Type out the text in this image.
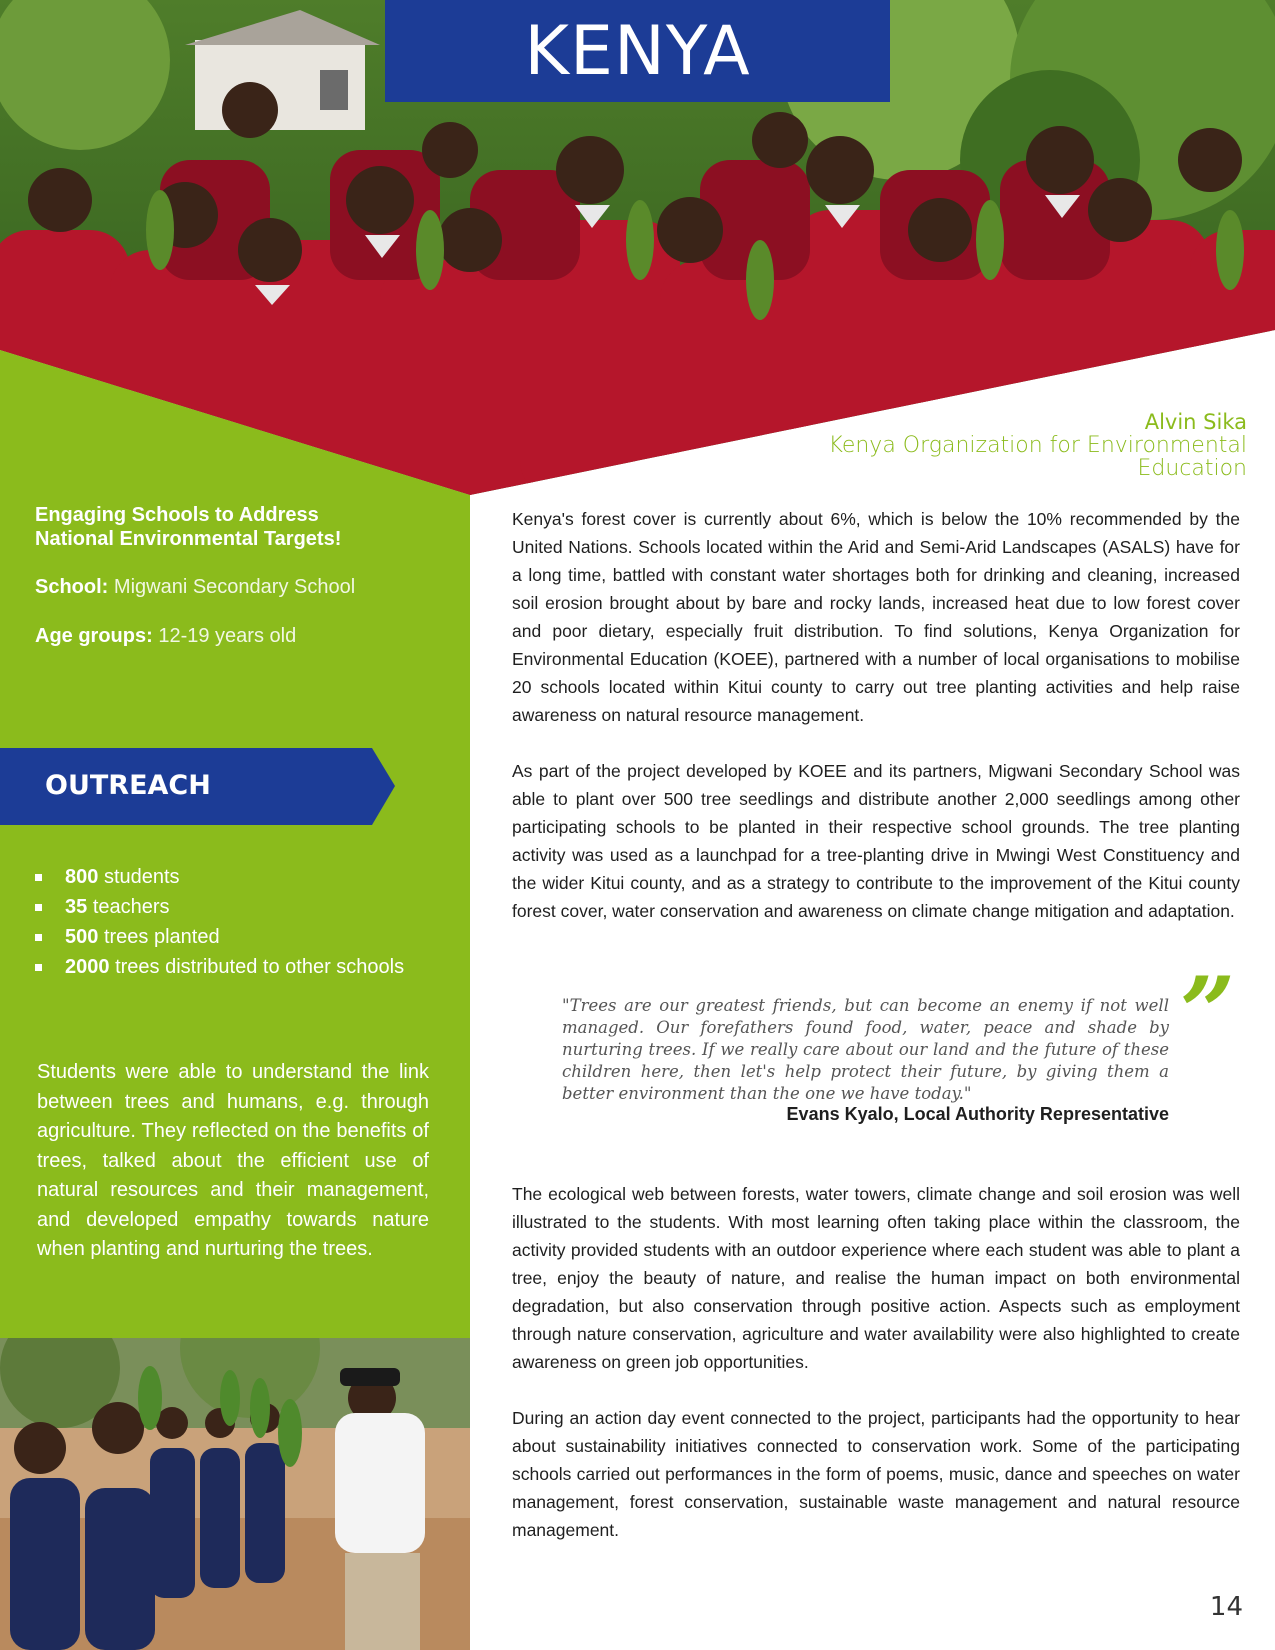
KENYA
Alvin Sika
Kenya Organization for Environmental
Education
Engaging Schools to Address
National Environmental Targets!
School: Migwani Secondary School
Age groups: 12-19 years old
OUTREACH
800 students
35 teachers
500 trees planted
2000 trees distributed to other schools

Students were able to understand the link between trees and humans, e.g. through agriculture. They reflected on the benefits of trees, talked about the efficient use of natural resources and their management, and developed empathy towards nature when planting and nurturing the trees.

Kenya's forest cover is currently about 6%, which is below the 10% recommended by the United Nations. Schools located within the Arid and Semi-Arid Landscapes (ASALS) have for a long time, battled with constant water shortages both for drinking and cleaning, increased soil erosion brought about by bare and rocky lands, increased heat due to low forest cover and poor dietary, especially fruit distribution. To find solutions, Kenya Organization for Environmental Education (KOEE), partnered with a number of local organisations to mobilise 20 schools located within Kitui county to carry out tree planting activities and help raise awareness on natural resource management.

As part of the project developed by KOEE and its partners, Migwani Secondary School was able to plant over 500 tree seedlings and distribute another 2,000 seedlings among other participating schools to be planted in their respective school grounds. The tree planting activity was used as a launchpad for a tree-planting drive in Mwingi West Constituency and the wider Kitui county, and as a strategy to contribute to the improvement of the Kitui county forest cover, water conservation and awareness on climate change mitigation and adaptation.

”

"Trees are our greatest friends, but can become an enemy if not well managed. Our forefathers found food, water, peace and shade by nurturing trees. If we really care about our land and the future of these children here, then let's help protect their future, by giving them a better environment than the one we have today."

Evans Kyalo, Local Authority Representative

The ecological web between forests, water towers, climate change and soil erosion was well illustrated to the students. With most learning often taking place within the classroom, the activity provided students with an outdoor experience where each student was able to plant a tree, enjoy the beauty of nature, and realise the human impact on both environmental degradation, but also conservation through positive action. Aspects such as employment through nature conservation, agriculture and water availability were also highlighted to create awareness on green job opportunities.

During an action day event connected to the project, participants had the opportunity to hear about sustainability initiatives connected to conservation work. Some of the participating schools carried out performances in the form of poems, music, dance and speeches on water management, forest conservation, sustainable waste management and natural resource management.

14
